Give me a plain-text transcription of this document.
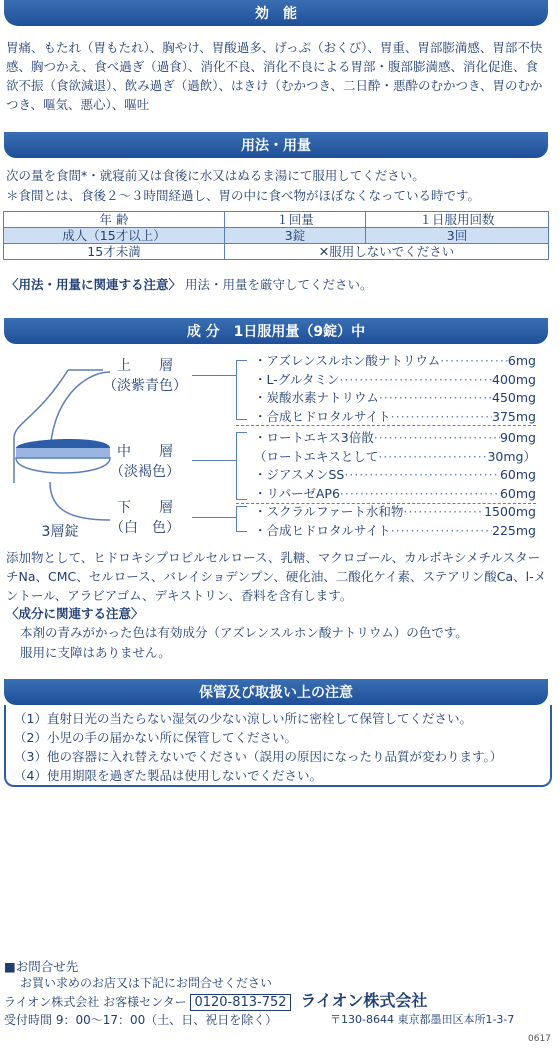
効　能
胃痛、もたれ（胃もたれ）、胸やけ、胃酸過多、げっぷ（おくび）、胃重、胃部膨満感、胃部不快感、胸つかえ、食べ過ぎ（過食）、消化不良、消化不良による胃部・腹部膨満感、消化促進、食欲不振（食欲減退）、飲み過ぎ（過飲）、はきけ（むかつき、二日酔・悪酔のむかつき、胃のむかつき、嘔気、悪心）、嘔吐
用法・用量
次の量を食間*・就寝前又は食後に水又はぬるま湯にて服用してください。
＊食間とは、食後２～３時間経過し、胃の中に食べ物がほぼなくなっている時です。
年 齢	１回量	１日服用回数
成人（15才以上）	3錠	3回
15才未満	✕服用しないでください	
〈用法・用量に関連する注意〉 用法・用量を厳守してください。
成 分　1日服用量（9錠）中
上　　層
（淡紫青色）
中　　層
（淡褐色）
下　　層
（白　色）
3層錠
・アズレンスルホン酸ナトリウム ·····	6mg
・L-グルタミン ·····	400mg
・炭酸水素ナトリウム ·····	450mg
・合成ヒドロタルサイト ·····	375mg
・ロートエキス3倍散 ·····	90mg
（ロートエキスとして ·····	30mg）
・ジアスメンSS ·····	60mg
・リパーゼAP6 ·····	60mg
・スクラルファート水和物 ·····	1500mg
・合成ヒドロタルサイト ·····	225mg
添加物として、ヒドロキシプロピルセルロース、乳糖、マクロゴール、カルボキシメチルスターチNa、CMC、セルロース、バレイショデンプン、硬化油、二酸化ケイ素、ステアリン酸Ca、l-メントール、アラビアゴム、デキストリン、香料を含有します。
〈成分に関連する注意〉
本剤の青みがかった色は有効成分（アズレンスルホン酸ナトリウム）の色です。
服用に支障はありません。
（1）直射日光の当たらない湿気の少ない涼しい所に密栓して保管してください。
（2）小児の手の届かない所に保管してください。
（3）他の容器に入れ替えないでください（誤用の原因になったり品質が変わります。）
（4）使用期限を過ぎた製品は使用しないでください。
保管及び取扱い上の注意
■お問合せ先
お買い求めのお店又は下記にお問合せください
ライオン株式会社 お客様センター 0120-813-752 ライオン株式会社
受付時間 9：00～17：00（土、日、祝日を除く）	〒130-8644 東京都墨田区本所1-3-7
0617
